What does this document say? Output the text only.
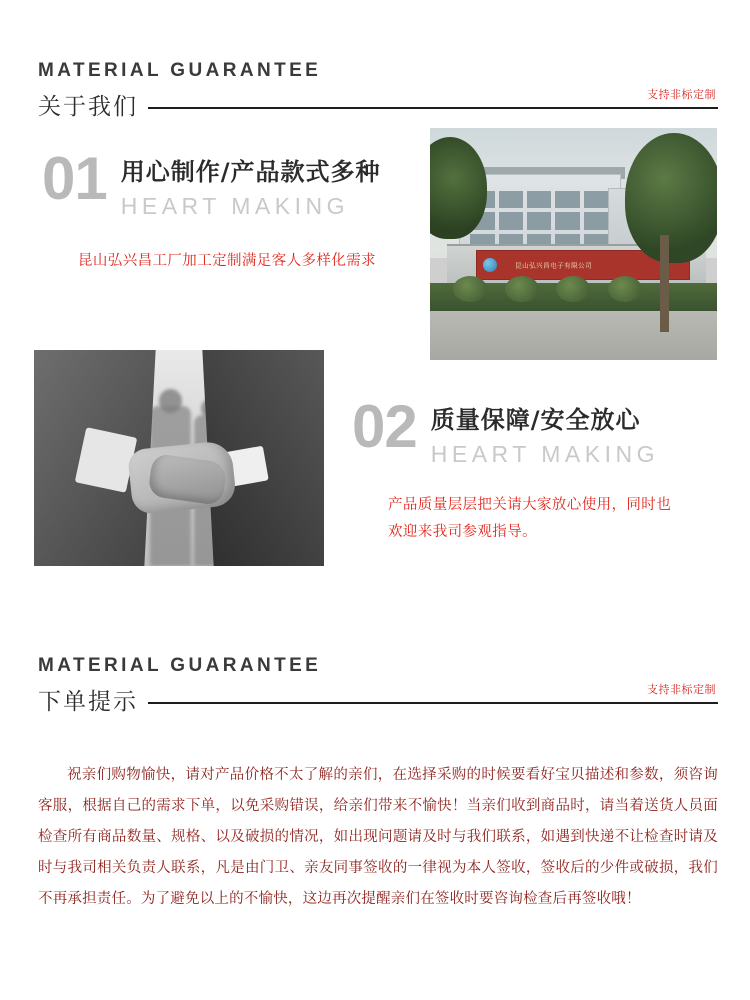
MATERIAL GUARANTEE
关于我们	支持非标定制
01 用心制作/产品款式多种
HEART MAKING
昆山弘兴昌工厂加工定制满足客人多样化需求	昆山弘兴昌电子有限公司
02 质量保障/安全放心
HEART MAKING
产品质量层层把关请大家放心使用，同时也
欢迎来我司参观指导。
MATERIAL GUARANTEE
下单提示	支持非标定制
祝亲们购物愉快，请对产品价格不太了解的亲们，在选择采购的时候要看好宝贝描述和参数，须咨询客服，根据自己的需求下单，以免采购错误，给亲们带来不愉快！当亲们收到商品时，请当着送货人员面检查所有商品数量、规格、以及破损的情况，如出现问题请及时与我们联系，如遇到快递不让检查时请及时与我司相关负责人联系，凡是由门卫、亲友同事签收的一律视为本人签收，签收后的少件或破损，我们不再承担责任。为了避免以上的不愉快，这边再次提醒亲们在签收时要咨询检查后再签收哦！
